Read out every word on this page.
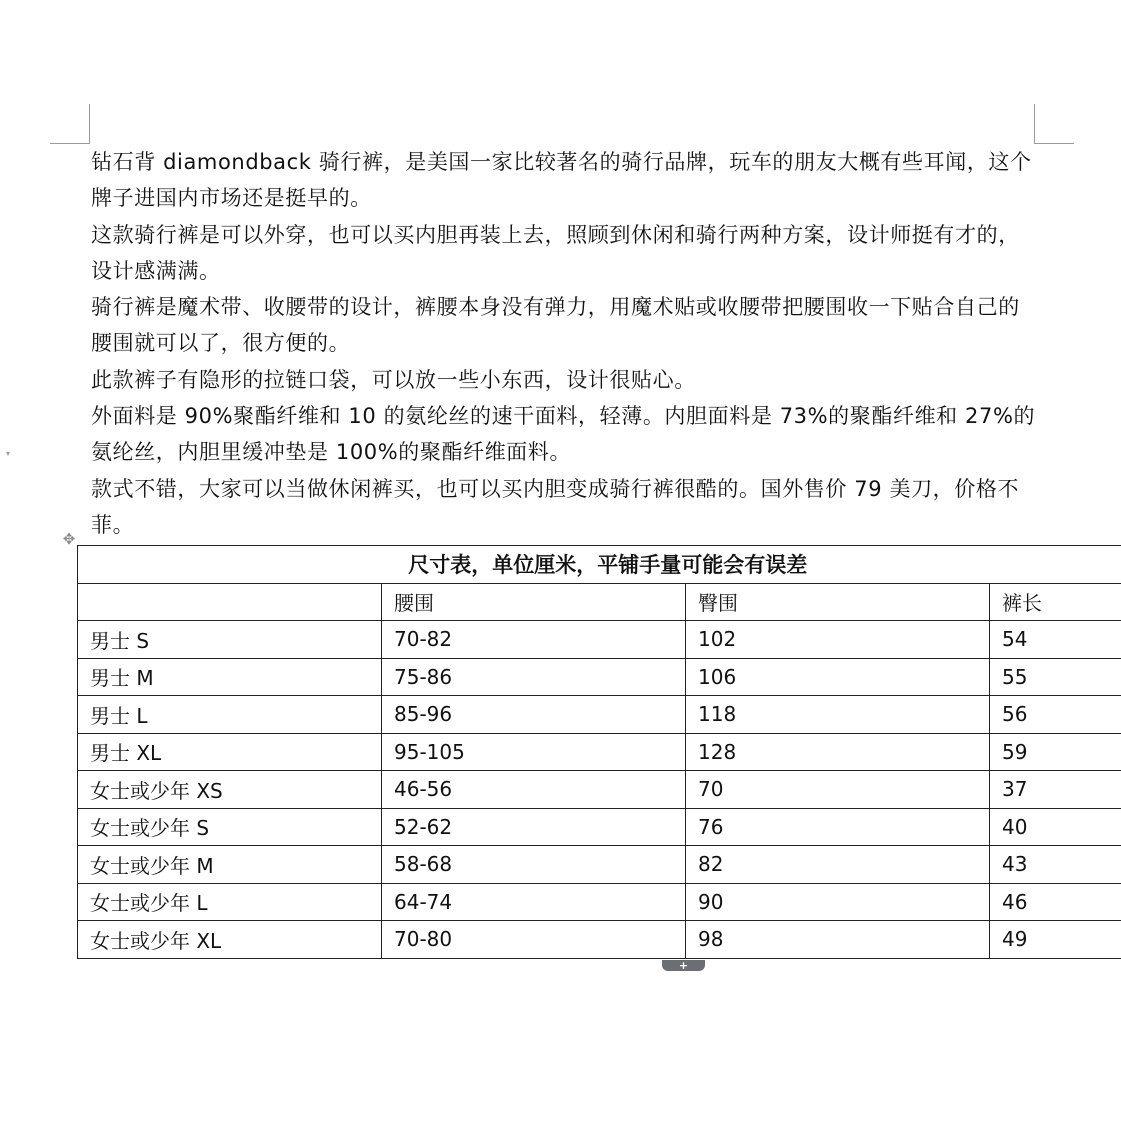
▾

钻石背 diamondback 骑行裤，是美国一家比较著名的骑行品牌，玩车的朋友大概有些耳闻，这个牌子进国内市场还是挺早的。

这款骑行裤是可以外穿，也可以买内胆再装上去，照顾到休闲和骑行两种方案，设计师挺有才的，设计感满满。

骑行裤是魔术带、收腰带的设计，裤腰本身没有弹力，用魔术贴或收腰带把腰围收一下贴合自己的腰围就可以了，很方便的。

此款裤子有隐形的拉链口袋，可以放一些小东西，设计很贴心。

外面料是 90%聚酯纤维和 10 的氨纶丝的速干面料，轻薄。内胆面料是 73%的聚酯纤维和 27%的氨纶丝，内胆里缓冲垫是 100%的聚酯纤维面料。

款式不错，大家可以当做休闲裤买，也可以买内胆变成骑行裤很酷的。国外售价 79 美刀，价格不菲。

✥
尺寸表，单位厘米，平铺手量可能会有误差			
	腰围	臀围	裤长
男士 S	70-82	102	54
男士 M	75-86	106	55
男士 L	85-96	118	56
男士 XL	95-105	128	59
女士或少年 XS	46-56	70	37
女士或少年 S	52-62	76	40
女士或少年 M	58-68	82	43
女士或少年 L	64-74	90	46
女士或少年 XL	70-80	98	49
+
